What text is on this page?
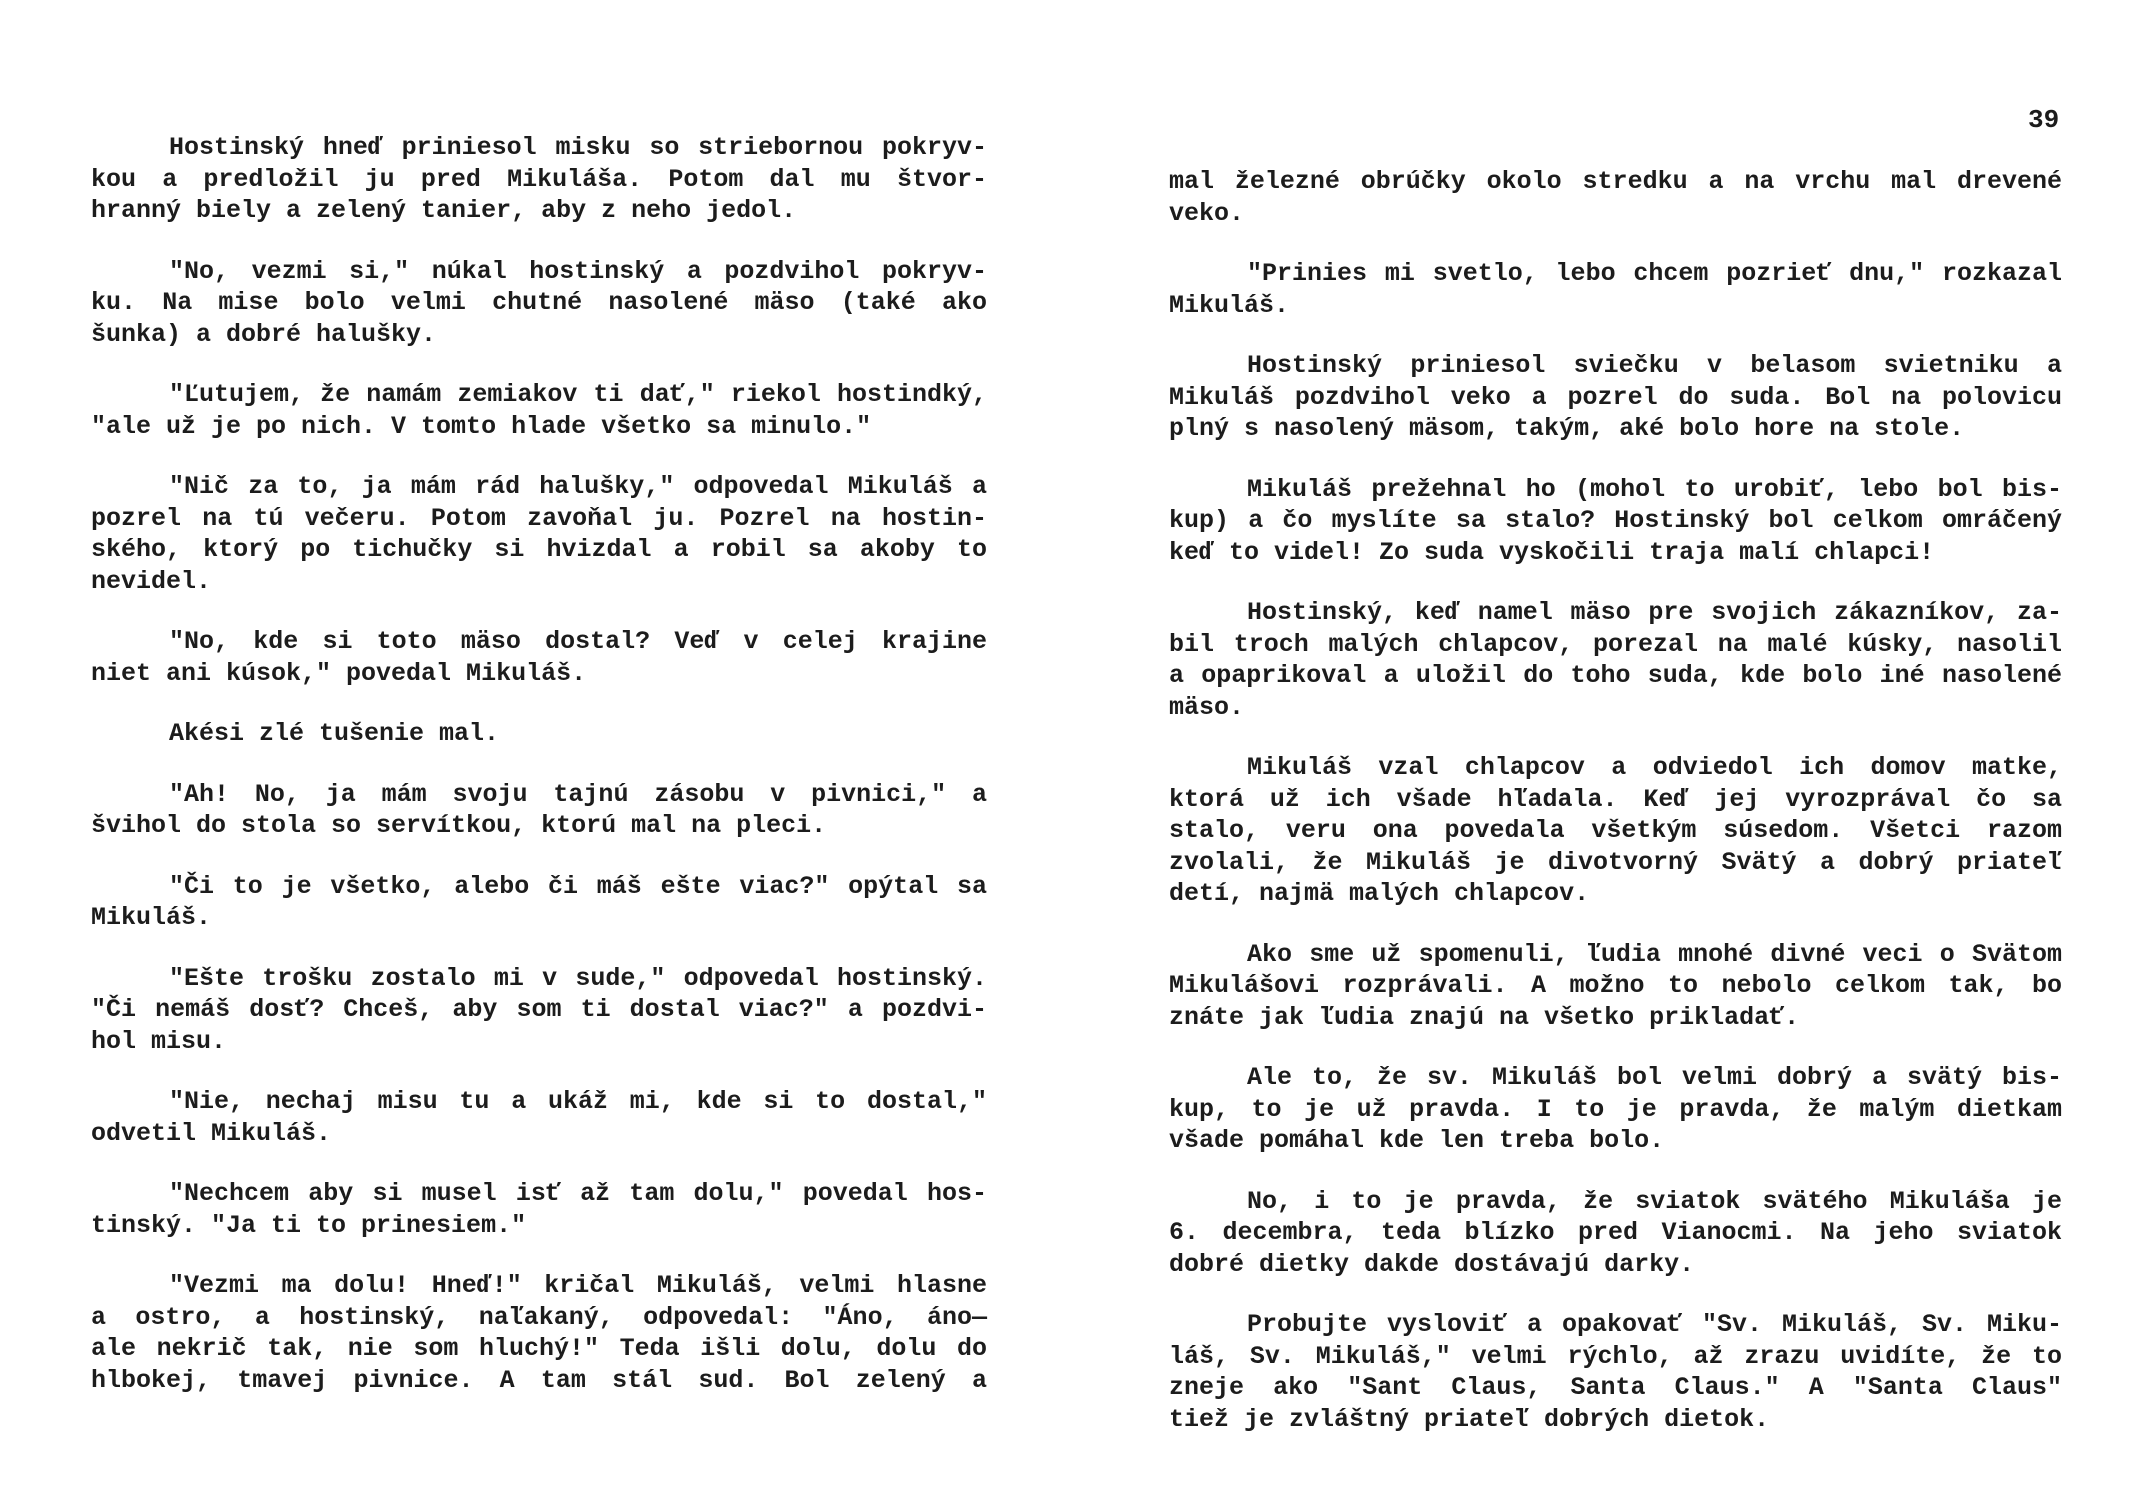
Hostinský hneď priniesol misku so striebornou pokryv-
kou a predložil ju pred Mikuláša. Potom dal mu štvor-
hranný biely a zelený tanier, aby z neho jedol.
"No, vezmi si," núkal hostinský a pozdvihol pokryv-
ku. Na mise bolo velmi chutné nasolené mäso (také ako
šunka) a dobré halušky.
"Ľutujem, že namám zemiakov ti dať," riekol hostindký,
"ale už je po nich. V tomto hlade všetko sa minulo."
"Nič za to, ja mám rád halušky," odpovedal Mikuláš a
pozrel na tú večeru. Potom zavoňal ju. Pozrel na hostin-
ského, ktorý po tichučky si hvizdal a robil sa akoby to
nevidel.
"No, kde si toto mäso dostal? Veď v celej krajine
niet ani kúsok," povedal Mikuláš.
Akési zlé tušenie mal.
"Ah! No, ja mám svoju tajnú zásobu v pivnici," a
švihol do stola so servítkou, ktorú mal na pleci.
"Či to je všetko, alebo či máš ešte viac?" opýtal sa
Mikuláš.
"Ešte trošku zostalo mi v sude," odpovedal hostinský.
"Či nemáš dosť? Chceš, aby som ti dostal viac?" a pozdvi-
hol misu.
"Nie, nechaj misu tu a ukáž mi, kde si to dostal,"
odvetil Mikuláš.
"Nechcem aby si musel isť až tam dolu," povedal hos-
tinský. "Ja ti to prinesiem."
"Vezmi ma dolu! Hneď!" kričal Mikuláš, velmi hlasne
a ostro, a hostinský, naľakaný, odpovedal: "Áno, áno—
ale nekrič tak, nie som hluchý!" Teda išli dolu, dolu do
hlbokej, tmavej pivnice. A tam stál sud. Bol zelený a
39
mal železné obrúčky okolo stredku a na vrchu mal drevené
veko.
"Prinies mi svetlo, lebo chcem pozrieť dnu," rozkazal
Mikuláš.
Hostinský priniesol sviečku v belasom svietniku a
Mikuláš pozdvihol veko a pozrel do suda. Bol na polovicu
plný s nasolený mäsom, takým, aké bolo hore na stole.
Mikuláš prežehnal ho (mohol to urobiť, lebo bol bis-
kup) a čo myslíte sa stalo? Hostinský bol celkom omráčený
keď to videl! Zo suda vyskočili traja malí chlapci!
Hostinský, keď namel mäso pre svojich zákazníkov, za-
bil troch malých chlapcov, porezal na malé kúsky, nasolil
a opaprikoval a uložil do toho suda, kde bolo iné nasolené
mäso.
Mikuláš vzal chlapcov a odviedol ich domov matke,
ktorá už ich všade hľadala. Keď jej vyrozprával čo sa
stalo, veru ona povedala všetkým súsedom. Všetci razom
zvolali, že Mikuláš je divotvorný Svätý a dobrý priateľ
detí, najmä malých chlapcov.
Ako sme už spomenuli, ľudia mnohé divné veci o Svätom
Mikulášovi rozprávali. A možno to nebolo celkom tak, bo
znáte jak ľudia znajú na všetko prikladať.
Ale to, že sv. Mikuláš bol velmi dobrý a svätý bis-
kup, to je už pravda. I to je pravda, že malým dietkam
všade pomáhal kde len treba bolo.
No, i to je pravda, že sviatok svätého Mikuláša je
6. decembra, teda blízko pred Vianocmi. Na jeho sviatok
dobré dietky dakde dostávajú darky.
Probujte vysloviť a opakovať "Sv. Mikuláš, Sv. Miku-
láš, Sv. Mikuláš," velmi rýchlo, až zrazu uvidíte, že to
zneje ako "Sant Claus, Santa Claus." A "Santa Claus"
tiež je zvláštný priateľ dobrých dietok.
